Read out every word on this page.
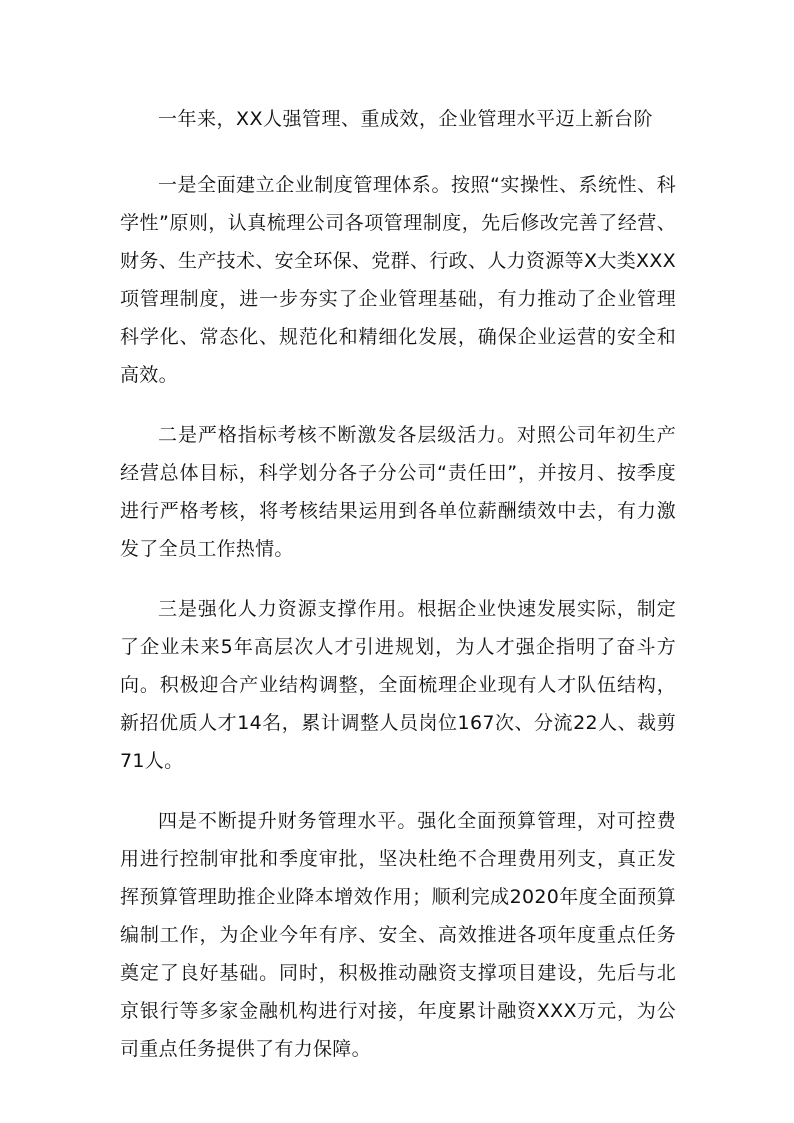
一年来，XX人强管理、重成效，企业管理水平迈上新台阶

一是全面建立企业制度管理体系。按照“实操性、系统性、科学性”原则，认真梳理公司各项管理制度，先后修改完善了经营、财务、生产技术、安全环保、党群、行政、人力资源等X大类XXX项管理制度，进一步夯实了企业管理基础，有力推动了企业管理科学化、常态化、规范化和精细化发展，确保企业运营的安全和高效。

二是严格指标考核不断激发各层级活力。对照公司年初生产经营总体目标，科学划分各子分公司“责任田”，并按月、按季度进行严格考核，将考核结果运用到各单位薪酬绩效中去，有力激发了全员工作热情。

三是强化人力资源支撑作用。根据企业快速发展实际，制定了企业未来5年高层次人才引进规划，为人才强企指明了奋斗方向。积极迎合产业结构调整，全面梳理企业现有人才队伍结构，新招优质人才14名，累计调整人员岗位167次、分流22人、裁剪71人。

四是不断提升财务管理水平。强化全面预算管理，对可控费用进行控制审批和季度审批，坚决杜绝不合理费用列支，真正发挥预算管理助推企业降本增效作用；顺利完成2020年度全面预算编制工作，为企业今年有序、安全、高效推进各项年度重点任务奠定了良好基础。同时，积极推动融资支撑项目建设，先后与北京银行等多家金融机构进行对接，年度累计融资XXX万元，为公司重点任务提供了有力保障。
